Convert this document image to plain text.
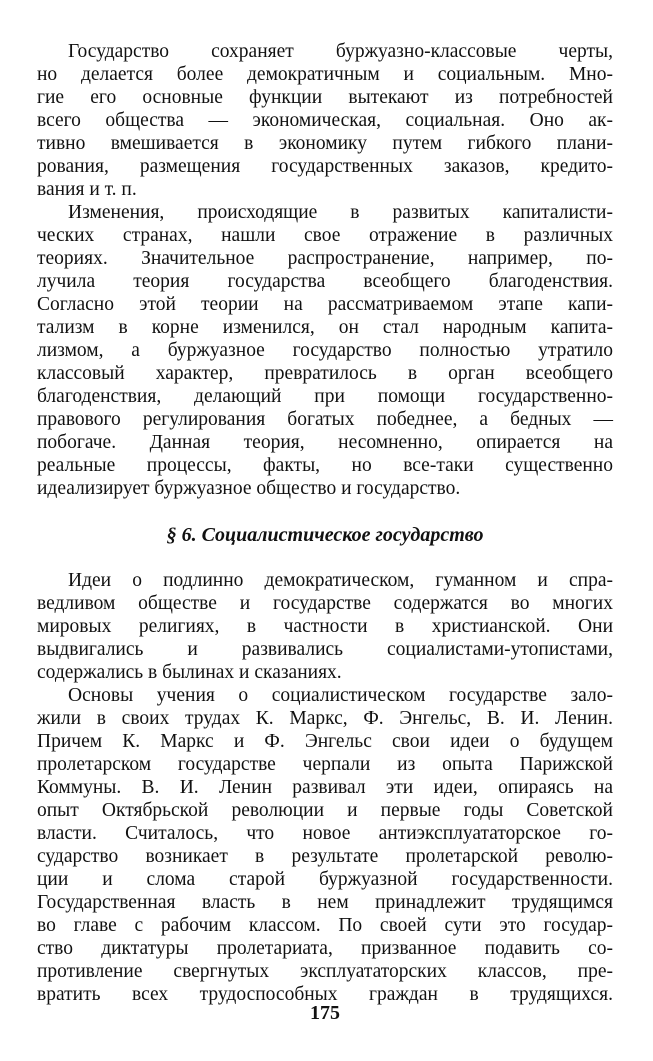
Государство сохраняет буржуазно-классовые черты,
но делается более демократичным и социальным. Мно-
гие его основные функции вытекают из потребностей
всего общества — экономическая, социальная. Оно ак-
тивно вмешивается в экономику путем гибкого плани-
рования, размещения государственных заказов, кредито-
вания и т. п.
Изменения, происходящие в развитых капиталисти-
ческих странах, нашли свое отражение в различных
теориях. Значительное распространение, например, по-
лучила теория государства всеобщего благоденствия.
Согласно этой теории на рассматриваемом этапе капи-
тализм в корне изменился, он стал народным капита-
лизмом, а буржуазное государство полностью утратило
классовый характер, превратилось в орган всеобщего
благоденствия, делающий при помощи государственно-
правового регулирования богатых победнее, а бедных —
побогаче. Данная теория, несомненно, опирается на
реальные процессы, факты, но все-таки существенно
идеализирует буржуазное общество и государство.
§ 6. Социалистическое государство
Идеи о подлинно демократическом, гуманном и спра-
ведливом обществе и государстве содержатся во многих
мировых религиях, в частности в христианской. Они
выдвигались и развивались социалистами-утопистами,
содержались в былинах и сказаниях.
Основы учения о социалистическом государстве зало-
жили в своих трудах К. Маркс, Ф. Энгельс, В. И. Ленин.
Причем К. Маркс и Ф. Энгельс свои идеи о будущем
пролетарском государстве черпали из опыта Парижской
Коммуны. В. И. Ленин развивал эти идеи, опираясь на
опыт Октябрьской революции и первые годы Советской
власти. Считалось, что новое антиэксплуататорское го-
сударство возникает в результате пролетарской револю-
ции и слома старой буржуазной государственности.
Государственная власть в нем принадлежит трудящимся
во главе с рабочим классом. По своей сути это государ-
ство диктатуры пролетариата, призванное подавить со-
противление свергнутых эксплуататорских классов, пре-
вратить всех трудоспособных граждан в трудящихся.
175
